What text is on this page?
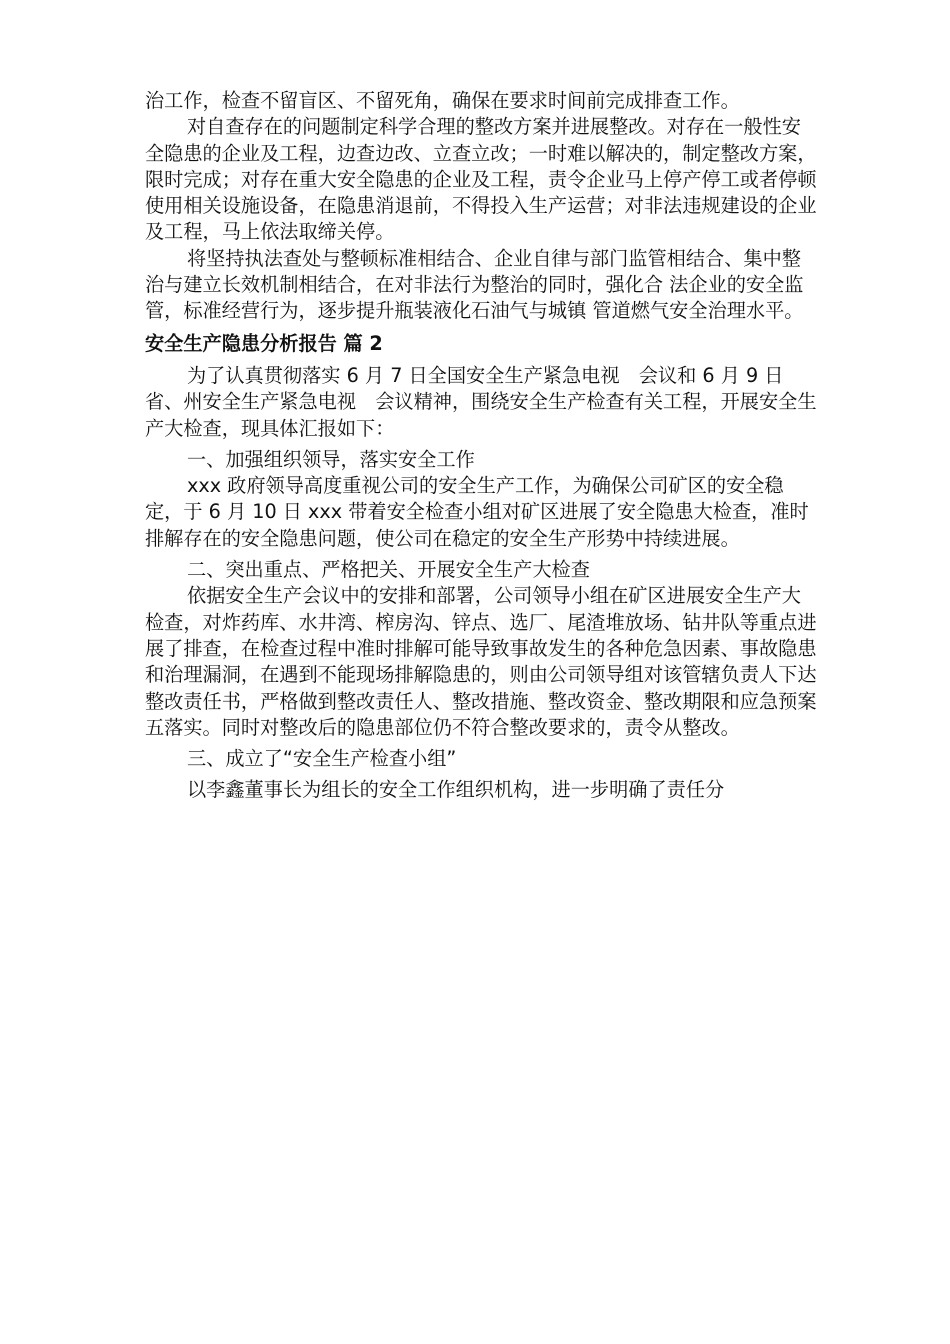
治工作，检查不留盲区、不留死角，确保在要求时间前完成排查工作。

对自查存在的问题制定科学合理的整改方案并进展整改。对存在一般性安全隐患的企业及工程，边查边改、立查立改；一时难以解决的，制定整改方案，限时完成；对存在重大安全隐患的企业及工程，责令企业马上停产停工或者停顿使用相关设施设备，在隐患消退前，不得投入生产运营；对非法违规建设的企业及工程，马上依法取缔关停。

将坚持执法查处与整顿标准相结合、企业自律与部门监管相结合、集中整治与建立长效机制相结合，在对非法行为整治的同时，强化合 法企业的安全监管，标准经营行为，逐步提升瓶装液化石油气与城镇 管道燃气安全治理水平。

安全生产隐患分析报告 篇 2

为了认真贯彻落实 6 月 7 日全国安全生产紧急电视　会议和 6 月 9 日省、州安全生产紧急电视　会议精神，围绕安全生产检查有关工程，开展安全生产大检查，现具体汇报如下：

一、加强组织领导，落实安全工作

xxx 政府领导高度重视公司的安全生产工作，为确保公司矿区的安全稳定，于 6 月 10 日 xxx 带着安全检查小组对矿区进展了安全隐患大检查，准时排解存在的安全隐患问题，使公司在稳定的安全生产形势中持续进展。

二、突出重点、严格把关、开展安全生产大检查

依据安全生产会议中的安排和部署，公司领导小组在矿区进展安全生产大检查，对炸药库、水井湾、榨房沟、锌点、选厂、尾渣堆放场、钻井队等重点进展了排查，在检查过程中准时排解可能导致事故发生的各种危急因素、事故隐患和治理漏洞，在遇到不能现场排解隐患的，则由公司领导组对该管辖负责人下达整改责任书，严格做到整改责任人、整改措施、整改资金、整改期限和应急预案五落实。同时对整改后的隐患部位仍不符合整改要求的，责令从整改。

三、成立了“安全生产检查小组”

以李鑫董事长为组长的安全工作组织机构，进一步明确了责任分
